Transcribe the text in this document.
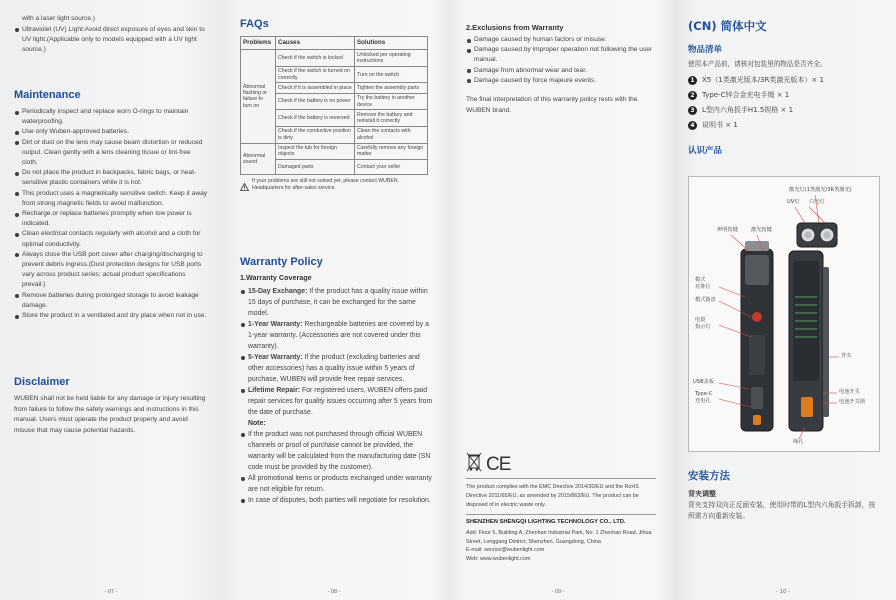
with a laser light source.)
Ultraviolet (UV) Light:Avoid direct exposure of eyes and skin to UV light.(Applicable only to models equipped with a UV light source.)
Maintenance
Periodically inspect and replace worn O-rings to maintain waterproofing.
Use only Wuben-approved batteries.
Dirt or dust on the lens may cause beam distortion or reduced output. Clean gently with a lens cleaning tissue or lint-free cloth.
Do not place the product in backpacks, fabric bags, or heat-sensitive plastic containers while it is hot.
This product uses a magnetically sensitive switch. Keep it away from strong magnetic fields to avoid malfunction.
Recharge or replace batteries promptly when low power is indicated.
Clean electrical contacts regularly with alcohol and a cloth for optimal conductivity.
Always close the USB port cover after charging/discharging to prevent debris ingress.(Dust protection designs for USB ports vary across product series; actual product specifications prevail.)
Remove batteries during prolonged storage to avoid leakage damage.
Store the product in a ventilated and dry place when not in use.
Disclaimer
WUBEN shall not be held liable for any damage or injury resulting from failure to follow the safety warnings and instructions in this manual. Users must operate the product properly and avoid misuse that may cause potential hazards.
- 07 -
FAQs
Problems	Causes	Solutions
Abnormal flashing or failure to turn on	Check if the switch is locked	Unlocked per operating instructions
	Check if the switch is turned on correctly	Turn on the switch
	Check if it is assembled in place	Tighten the assembly parts
	Check if the battery is no power	Try the battery in another device
	Check if the battery is reversed	Remove the battery and reinstall it correctly
	Check if the conductive position is dirty	Clean the contacts with alcohol
Abnormal sound	Inspect the tub for foreign objects	Carefully remove any foreign matter
	Damaged parts	Contact your seller
If your problems are still not solved yet, please contact WUBEN Headquarters for after-sales service.
Warranty Policy
1.Warranty Coverage
15-Day Exchange: If the product has a quality issue within 15 days of purchase, it can be exchanged for the same model.
1-Year Warranty: Rechargeable batteries are covered by a 1-year warranty. (Accessories are not covered under this warranty).
5-Year Warranty: If the product (excluding batteries and other accessories) has a quality issue within 5 years of purchase, WUBEN will provide free repair services.
Lifetime Repair: For registered users, WUBEN offers paid repair services for quality issues occurring after 5 years from the date of purchase.
Note:
If the product was not purchased through official WUBEN channels or proof of purchase cannot be provided, the warranty will be calculated from the manufacturing date (SN code must be provided by the customer).
All promotional items or products exchanged under warranty are not eligible for return.
In case of disputes, both parties will negotiate for resolution.
- 08 -
2.Exclusions from Warranty
Damage caused by human factors or misuse.
Damage caused by improper operation not following the user manual.
Damage from abnormal wear and tear.
Damage caused by force majeure events.
The final interpretation of this warranty policy rests with the WUBEN brand.
CE
The product complies with the EMC Directive 2014/30/EU and the RoHS Directive 2011/65/EU, as amended by 2015/863/EU. The product can be disposed of in electric waste only.
SHENZHEN SHENGQI LIGHTING TECHNOLOGY CO., LTD.
Add: Floor 5, Building A, Zhenhan Industrial Park, No. 1 Zhenhan Road, Jihua Street, Longgang District, Shenzhen, Guangdong, China
E-mail: service@wubenlight.com
Web: www.wubenlight.com
- 09 -
(CN) 简体中文
物品清单
使用本产品前，请核对包装里的物品是否齐全。
1	X5（1类激光版本/3R类激光版本）× 1
2	Type-C锌合金充电手绳 × 1
3	L型内六角扳手H1.5规格 × 1
4	说明书 × 1
认识产品
激光灯(1类激光/3R类激光)
UV灯 白光灯
辨明按键	激光按键
模式
对准位
模式拨盘
电量
指示灯
背夹
USB盖板
Type-C
充电孔
电池开关
电池开关锁
绳孔
安装方法
背夹调整
背夹支持双向正反面安装，使用时带的L型内六角扳手拆卸，按所需方向重新安装。
- 10 -
